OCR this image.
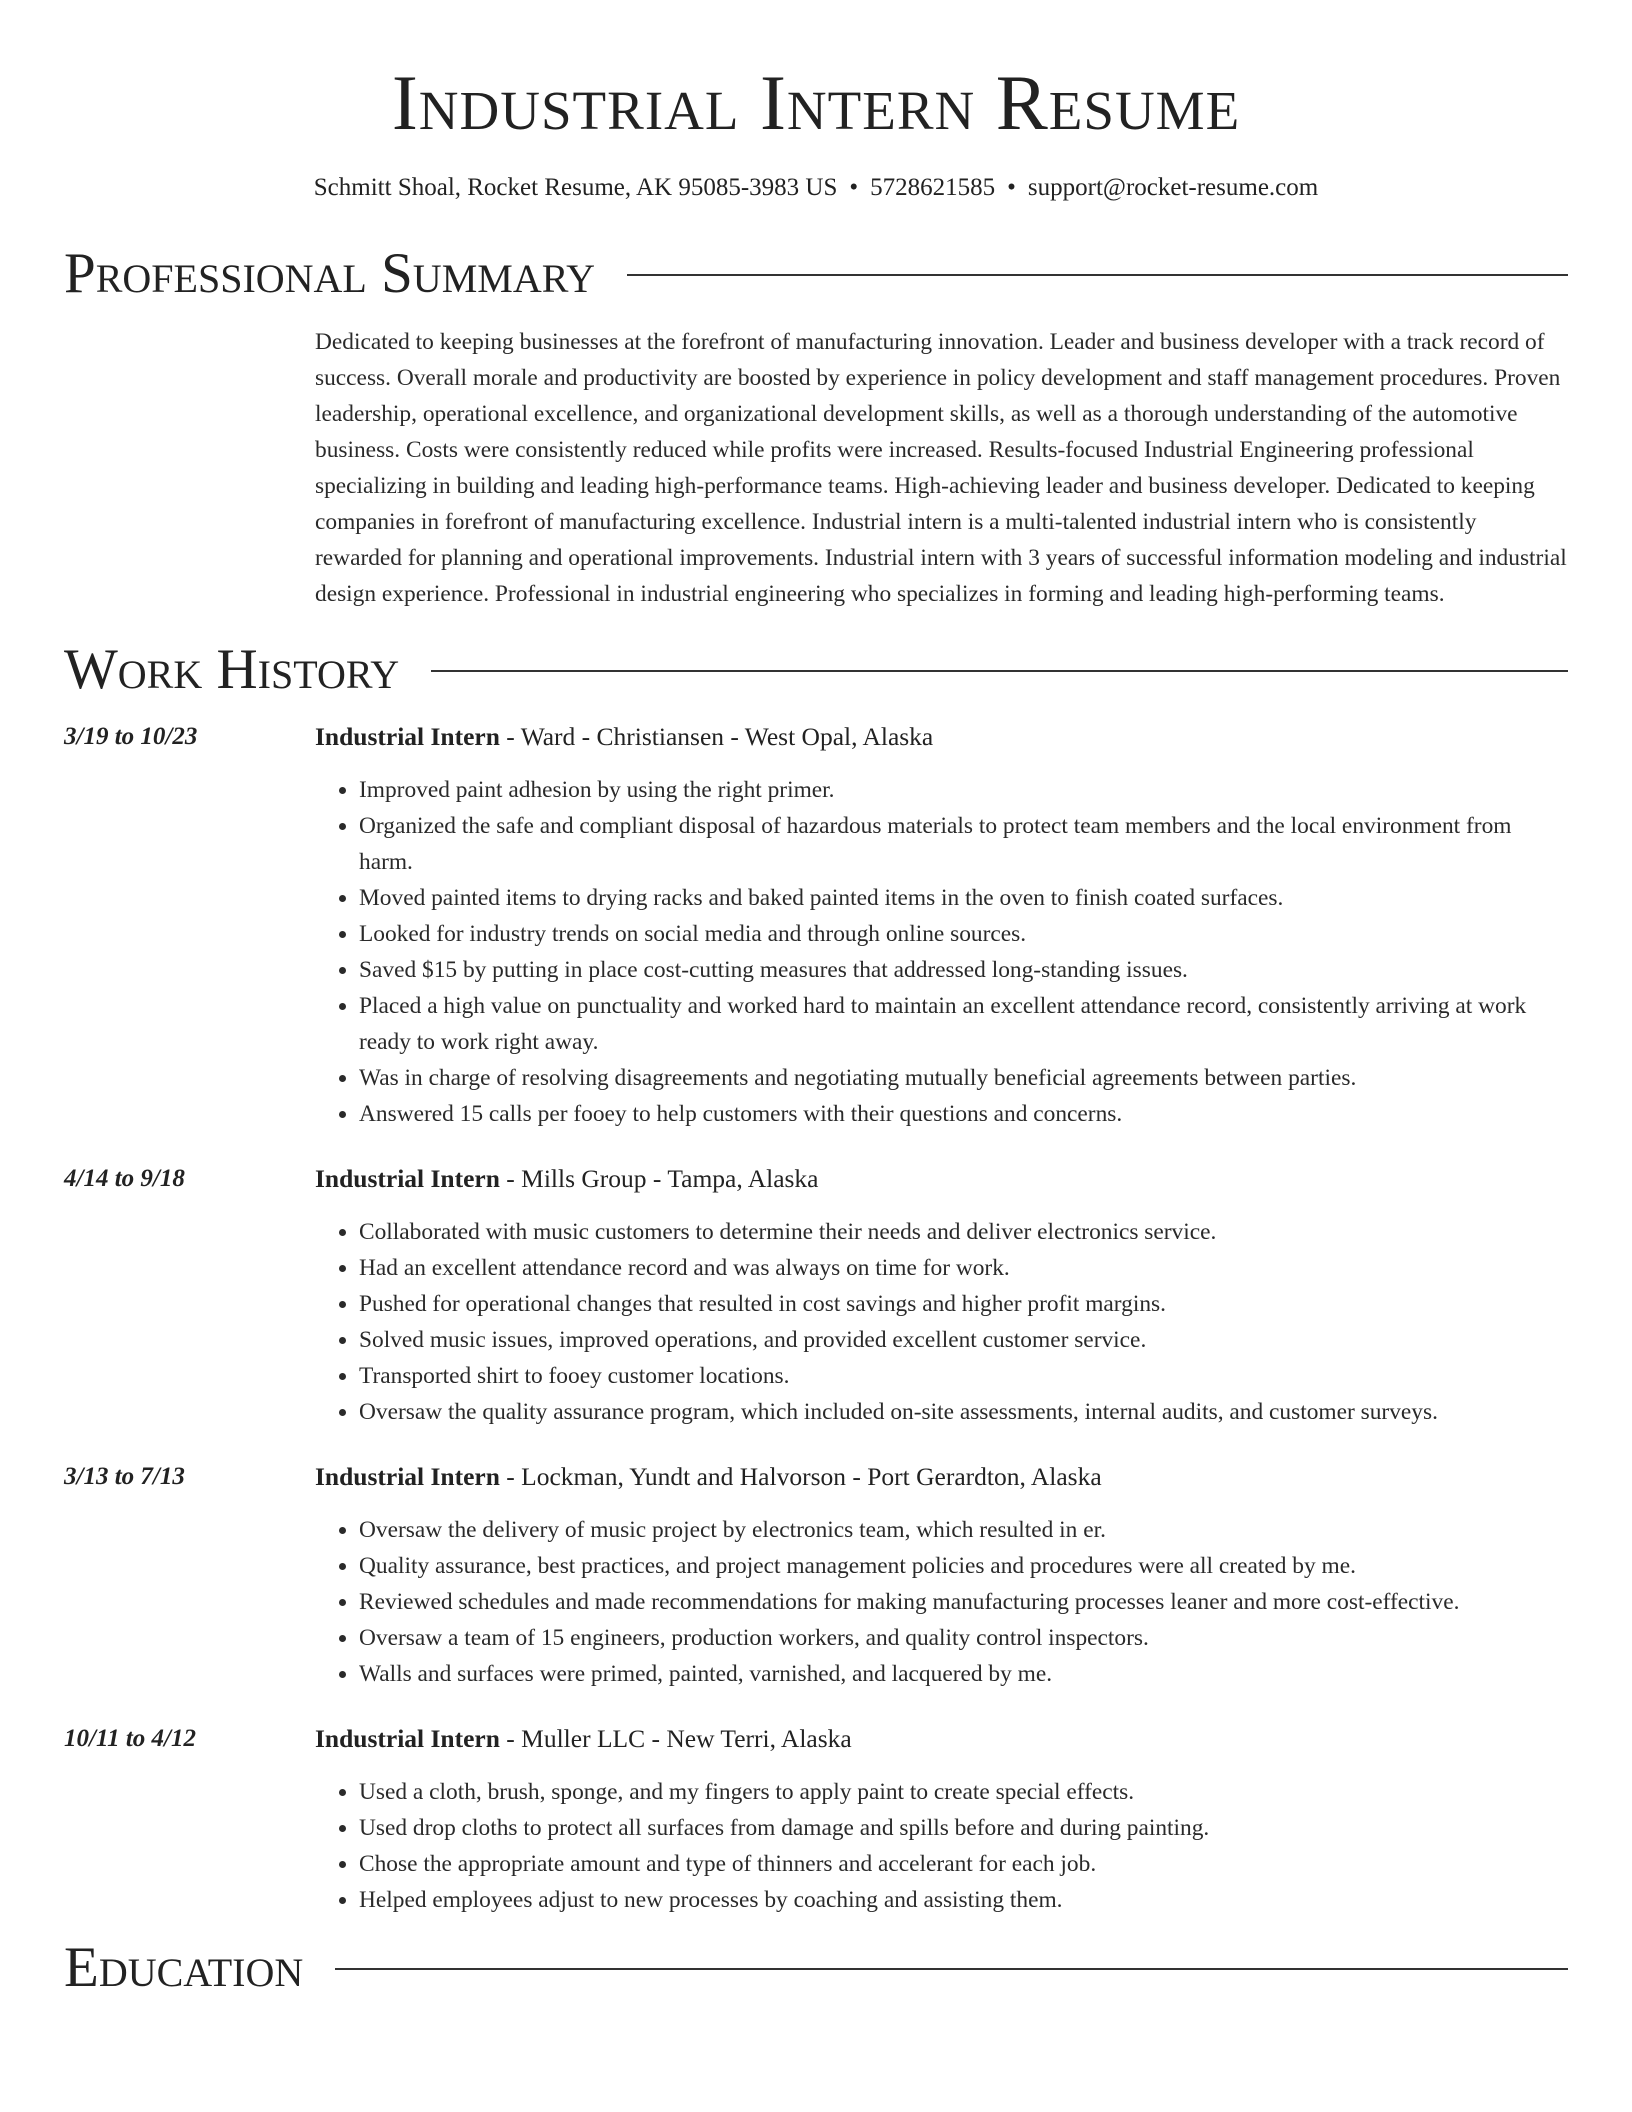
Industrial Intern Resume
Schmitt Shoal, Rocket Resume, AK 95085-3983 US • 5728621585 • support@rocket-resume.com
Professional Summary
Dedicated to keeping businesses at the forefront of manufacturing innovation. Leader and business developer with a track record of success. Overall morale and productivity are boosted by experience in policy development and staff management procedures. Proven leadership, operational excellence, and organizational development skills, as well as a thorough understanding of the automotive business. Costs were consistently reduced while profits were increased. Results-focused Industrial Engineering professional specializing in building and leading high-performance teams. High-achieving leader and business developer. Dedicated to keeping companies in forefront of manufacturing excellence. Industrial intern is a multi-talented industrial intern who is consistently rewarded for planning and operational improvements. Industrial intern with 3 years of successful information modeling and industrial design experience. Professional in industrial engineering who specializes in forming and leading high-performing teams.
Work History
3/19 to 10/23	Industrial Intern - Ward - Christiansen - West Opal, Alaska
• Improved paint adhesion by using the right primer.
• Organized the safe and compliant disposal of hazardous materials to protect team members and the local environment from harm.
• Moved painted items to drying racks and baked painted items in the oven to finish coated surfaces.
• Looked for industry trends on social media and through online sources.
• Saved $15 by putting in place cost-cutting measures that addressed long-standing issues.
• Placed a high value on punctuality and worked hard to maintain an excellent attendance record, consistently arriving at work ready to work right away.
• Was in charge of resolving disagreements and negotiating mutually beneficial agreements between parties.
• Answered 15 calls per fooey to help customers with their questions and concerns.
4/14 to 9/18	Industrial Intern - Mills Group - Tampa, Alaska
• Collaborated with music customers to determine their needs and deliver electronics service.
• Had an excellent attendance record and was always on time for work.
• Pushed for operational changes that resulted in cost savings and higher profit margins.
• Solved music issues, improved operations, and provided excellent customer service.
• Transported shirt to fooey customer locations.
• Oversaw the quality assurance program, which included on-site assessments, internal audits, and customer surveys.
3/13 to 7/13	Industrial Intern - Lockman, Yundt and Halvorson - Port Gerardton, Alaska
• Oversaw the delivery of music project by electronics team, which resulted in er.
• Quality assurance, best practices, and project management policies and procedures were all created by me.
• Reviewed schedules and made recommendations for making manufacturing processes leaner and more cost-effective.
• Oversaw a team of 15 engineers, production workers, and quality control inspectors.
• Walls and surfaces were primed, painted, varnished, and lacquered by me.
10/11 to 4/12	Industrial Intern - Muller LLC - New Terri, Alaska
• Used a cloth, brush, sponge, and my fingers to apply paint to create special effects.
• Used drop cloths to protect all surfaces from damage and spills before and during painting.
• Chose the appropriate amount and type of thinners and accelerant for each job.
• Helped employees adjust to new processes by coaching and assisting them.
Education
